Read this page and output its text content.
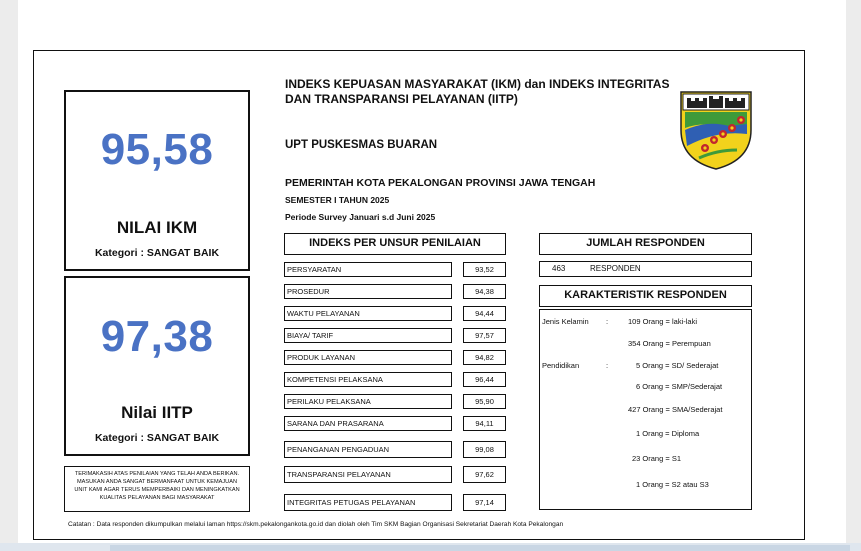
INDEKS KEPUASAN MASYARAKAT (IKM) dan INDEKS INTEGRITAS
DAN TRANSPARANSI PELAYANAN (IITP)
UPT PUSKESMAS BUARAN
PEMERINTAH KOTA PEKALONGAN PROVINSI JAWA TENGAH
SEMESTER I TAHUN 2025
Periode Survey Januari s.d Juni 2025
95,58
NILAI IKM
Kategori : SANGAT BAIK
97,38
Nilai IITP
Kategori : SANGAT BAIK
TERIMAKASIH ATAS PENILAIAN YANG TELAH ANDA BERIKAN.
MASUKAN ANDA SANGAT BERMANFAAT UNTUK KEMAJUAN
UNIT KAMI AGAR TERUS MEMPERBAIKI DAN MENINGKATKAN
KUALITAS PELAYANAN BAGI MASYARAKAT
INDEKS PER UNSUR PENILAIAN
PERSYARATAN	93,52
PROSEDUR	94,38
WAKTU PELAYANAN	94,44
BIAYA/ TARIF	97,57
PRODUK LAYANAN	94,82
KOMPETENSI PELAKSANA	96,44
PERILAKU PELAKSANA	95,90
SARANA DAN PRASARANA	94,11
PENANGANAN PENGADUAN	99,08
TRANSPARANSI PELAYANAN	97,62
INTEGRITAS PETUGAS PELAYANAN	97,14
JUMLAH RESPONDEN
463	RESPONDEN
KARAKTERISTIK RESPONDEN
Jenis Kelamin :	109 Orang = laki-laki
354 Orang = Perempuan
Pendidikan	:	5 Orang = SD/ Sederajat
6 Orang = SMP/Sederajat
427 Orang = SMA/Sederajat
1 Orang = Diploma
23 Orang = S1
1 Orang = S2 atau S3
Catatan : Data responden dikumpulkan melalui laman https://skm.pekalongankota.go.id dan diolah oleh Tim SKM Bagian Organisasi Sekretariat Daerah Kota Pekalongan
